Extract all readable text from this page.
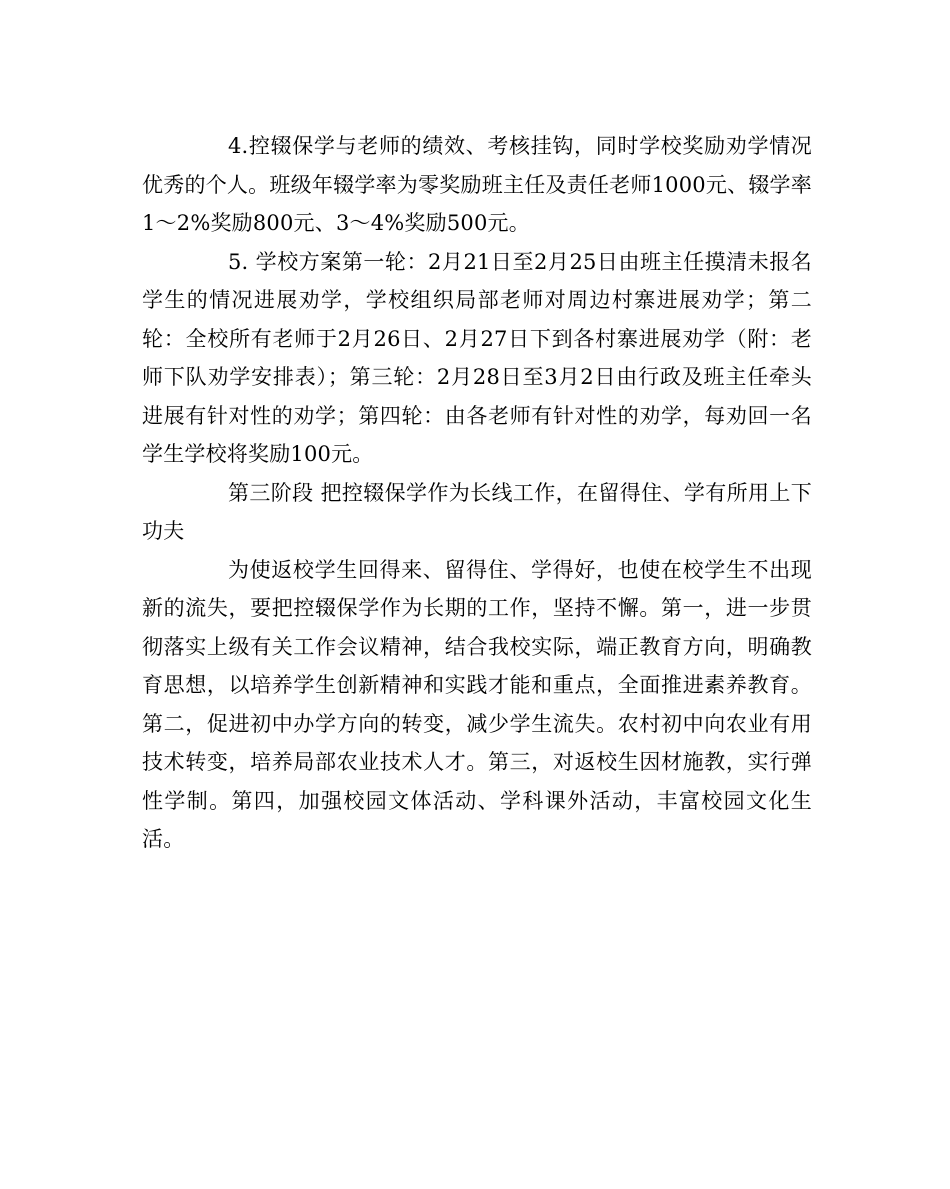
4.控辍保学与老师的绩效、考核挂钩，同时学校奖励劝学情况优秀的个人。班级年辍学率为零奖励班主任及责任老师1000元、辍学率1～2%奖励800元、3～4%奖励500元。

5. 学校方案第一轮：2月21日至2月25日由班主任摸清未报名学生的情况进展劝学，学校组织局部老师对周边村寨进展劝学；第二轮：全校所有老师于2月26日、2月27日下到各村寨进展劝学（附：老师下队劝学安排表）；第三轮：2月28日至3月2日由行政及班主任牵头进展有针对性的劝学；第四轮：由各老师有针对性的劝学，每劝回一名学生学校将奖励100元。

第三阶段 把控辍保学作为长线工作，在留得住、学有所用上下功夫

为使返校学生回得来、留得住、学得好，也使在校学生不出现新的流失，要把控辍保学作为长期的工作，坚持不懈。第一，进一步贯彻落实上级有关工作会议精神，结合我校实际，端正教育方向，明确教育思想，以培养学生创新精神和实践才能和重点，全面推进素养教育。第二，促进初中办学方向的转变，减少学生流失。农村初中向农业有用技术转变，培养局部农业技术人才。第三，对返校生因材施教，实行弹性学制。第四，加强校园文体活动、学科课外活动，丰富校园文化生活。
